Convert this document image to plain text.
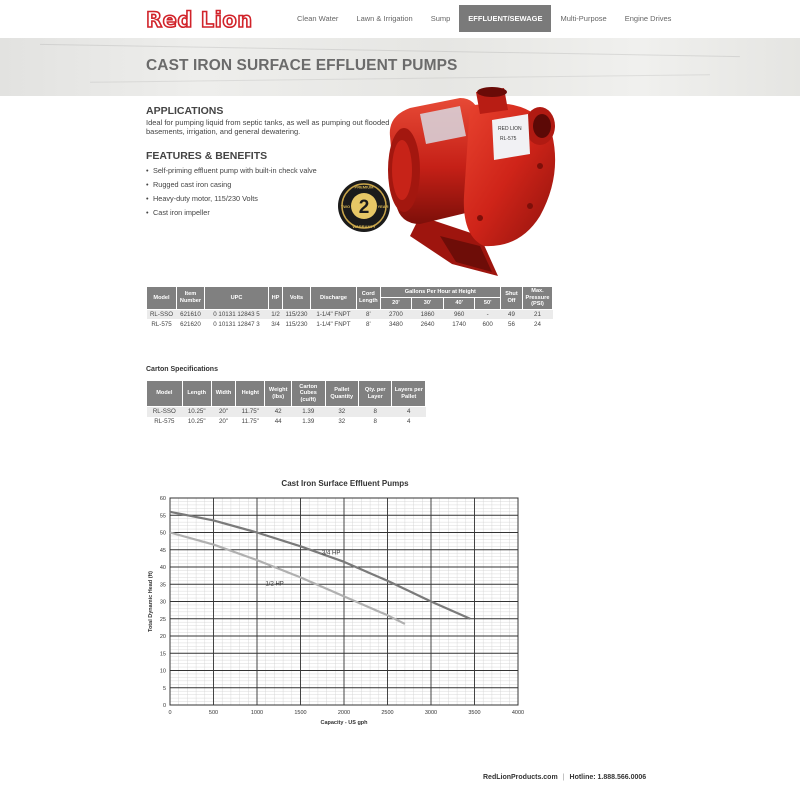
Red Lion	Clean Water	Lawn & Irrigation	Sump	EFFLUENT/SEWAGE	Multi-Purpose	Engine Drives
CAST IRON SURFACE EFFLUENT PUMPS
APPLICATIONS
Ideal for pumping liquid from septic tanks, as well as pumping out flooded basements, irrigation, and general dewatering.
FEATURES & BENEFITS
• Self-priming effluent pump with built-in check valve
• Rugged cast iron casing
• Heavy-duty motor, 115/230 Volts
• Cast iron impeller
RED LION
RL-575
PREMIUM
2
TWO	YEAR
WARRANTY
Model	Item Number	UPC	HP	Volts	Discharge	Cord Length	Gallons Per Hour at Height				Shut Off	Max. Pressure (PSI)
							20'	30'	40'	50'		
RL-SSO	621610	0 10131 12843 5	1/2	115/230	1-1/4" FNPT	8'	2700	1860	960	-	49	21
RL-575	621620	0 10131 12847 3	3/4	115/230	1-1/4" FNPT	8'	3480	2640	1740	600	56	24
Carton Specifications
Model	Length	Width	Height	Weight (lbs)	Carton Cubes (cu/ft)	Pallet Quantity	Qty. per Layer	Layers per Pallet
RL-SSO	10.25"	20"	11.75"	42	1.39	32	8	4
RL-575	10.25"	20"	11.75"	44	1.39	32	8	4
Cast Iron Surface Effluent Pumps
0	500	1000	1500	2000	2500	3000	3500	4000
0
5
10
15
20
25
30
35
40
45
50
55
60
Capacity - US gph
Total Dynamic Head (ft)
3/4 HP
1/2 HP
RedLionProducts.com | Hotline: 1.888.566.0006
